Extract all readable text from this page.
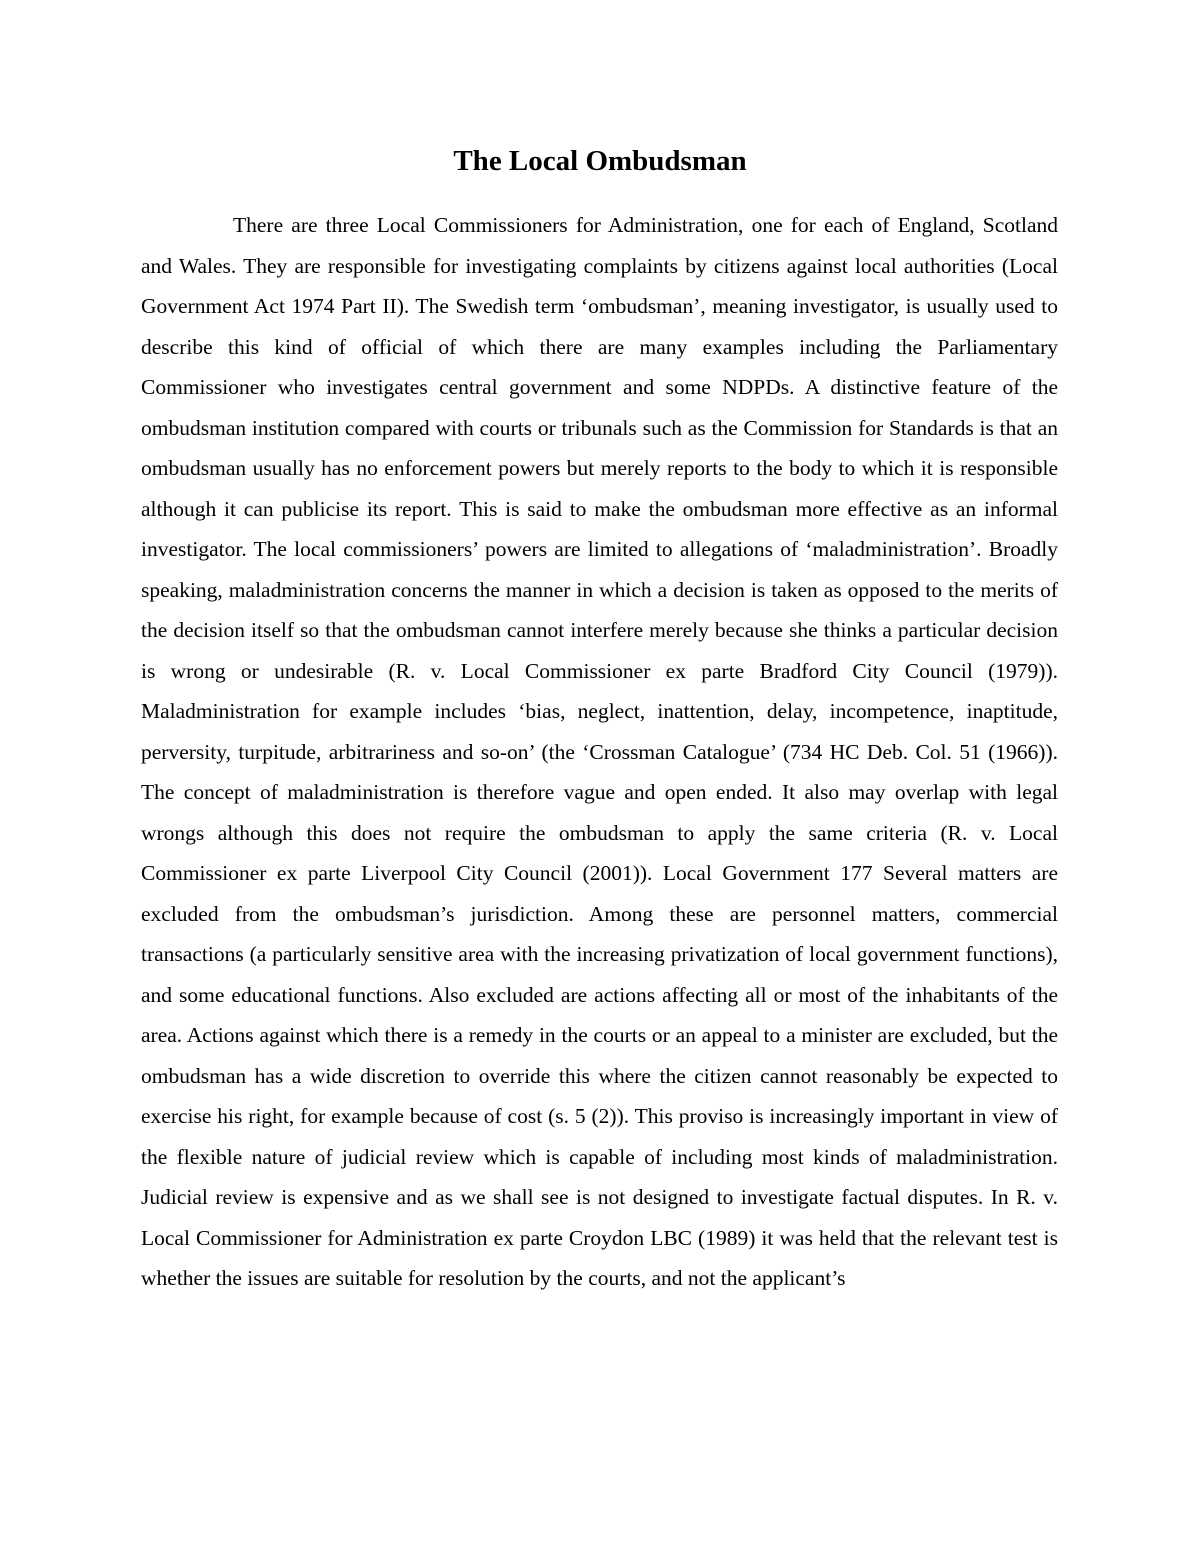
The Local Ombudsman

There are three Local Commissioners for Administration, one for each of England, Scotland and Wales. They are responsible for investigating complaints by citizens against local authorities (Local Government Act 1974 Part II). The Swedish term ‘ombudsman’, meaning investigator, is usually used to describe this kind of official of which there are many examples including the Parliamentary Commissioner who investigates central government and some NDPDs. A distinctive feature of the ombudsman institution compared with courts or tribunals such as the Commission for Standards is that an ombudsman usually has no enforcement powers but merely reports to the body to which it is responsible although it can publicise its report. This is said to make the ombudsman more effective as an informal investigator. The local commissioners’ powers are limited to allegations of ‘maladministration’. Broadly speaking, maladministration concerns the manner in which a decision is taken as opposed to the merits of the decision itself so that the ombudsman cannot interfere merely because she thinks a particular decision is wrong or undesirable (R. v. Local Commissioner ex parte Bradford City Council (1979)). Maladministration for example includes ‘bias, neglect, inattention, delay, incompetence, inaptitude, perversity, turpitude, arbitrariness and so-on’ (the ‘Crossman Catalogue’ (734 HC Deb. Col. 51 (1966)). The concept of maladministration is therefore vague and open ended. It also may overlap with legal wrongs although this does not require the ombudsman to apply the same criteria (R. v. Local Commissioner ex parte Liverpool City Council (2001)). Local Government 177 Several matters are excluded from the ombudsman’s jurisdiction. Among these are personnel matters, commercial transactions (a particularly sensitive area with the increasing privatization of local government functions), and some educational functions. Also excluded are actions affecting all or most of the inhabitants of the area. Actions against which there is a remedy in the courts or an appeal to a minister are excluded, but the ombudsman has a wide discretion to override this where the citizen cannot reasonably be expected to exercise his right, for example because of cost (s. 5 (2)). This proviso is increasingly important in view of the flexible nature of judicial review which is capable of including most kinds of maladministration. Judicial review is expensive and as we shall see is not designed to investigate factual disputes. In R. v. Local Commissioner for Administration ex parte Croydon LBC (1989) it was held that the relevant test is whether the issues are suitable for resolution by the courts, and not the applicant’s
